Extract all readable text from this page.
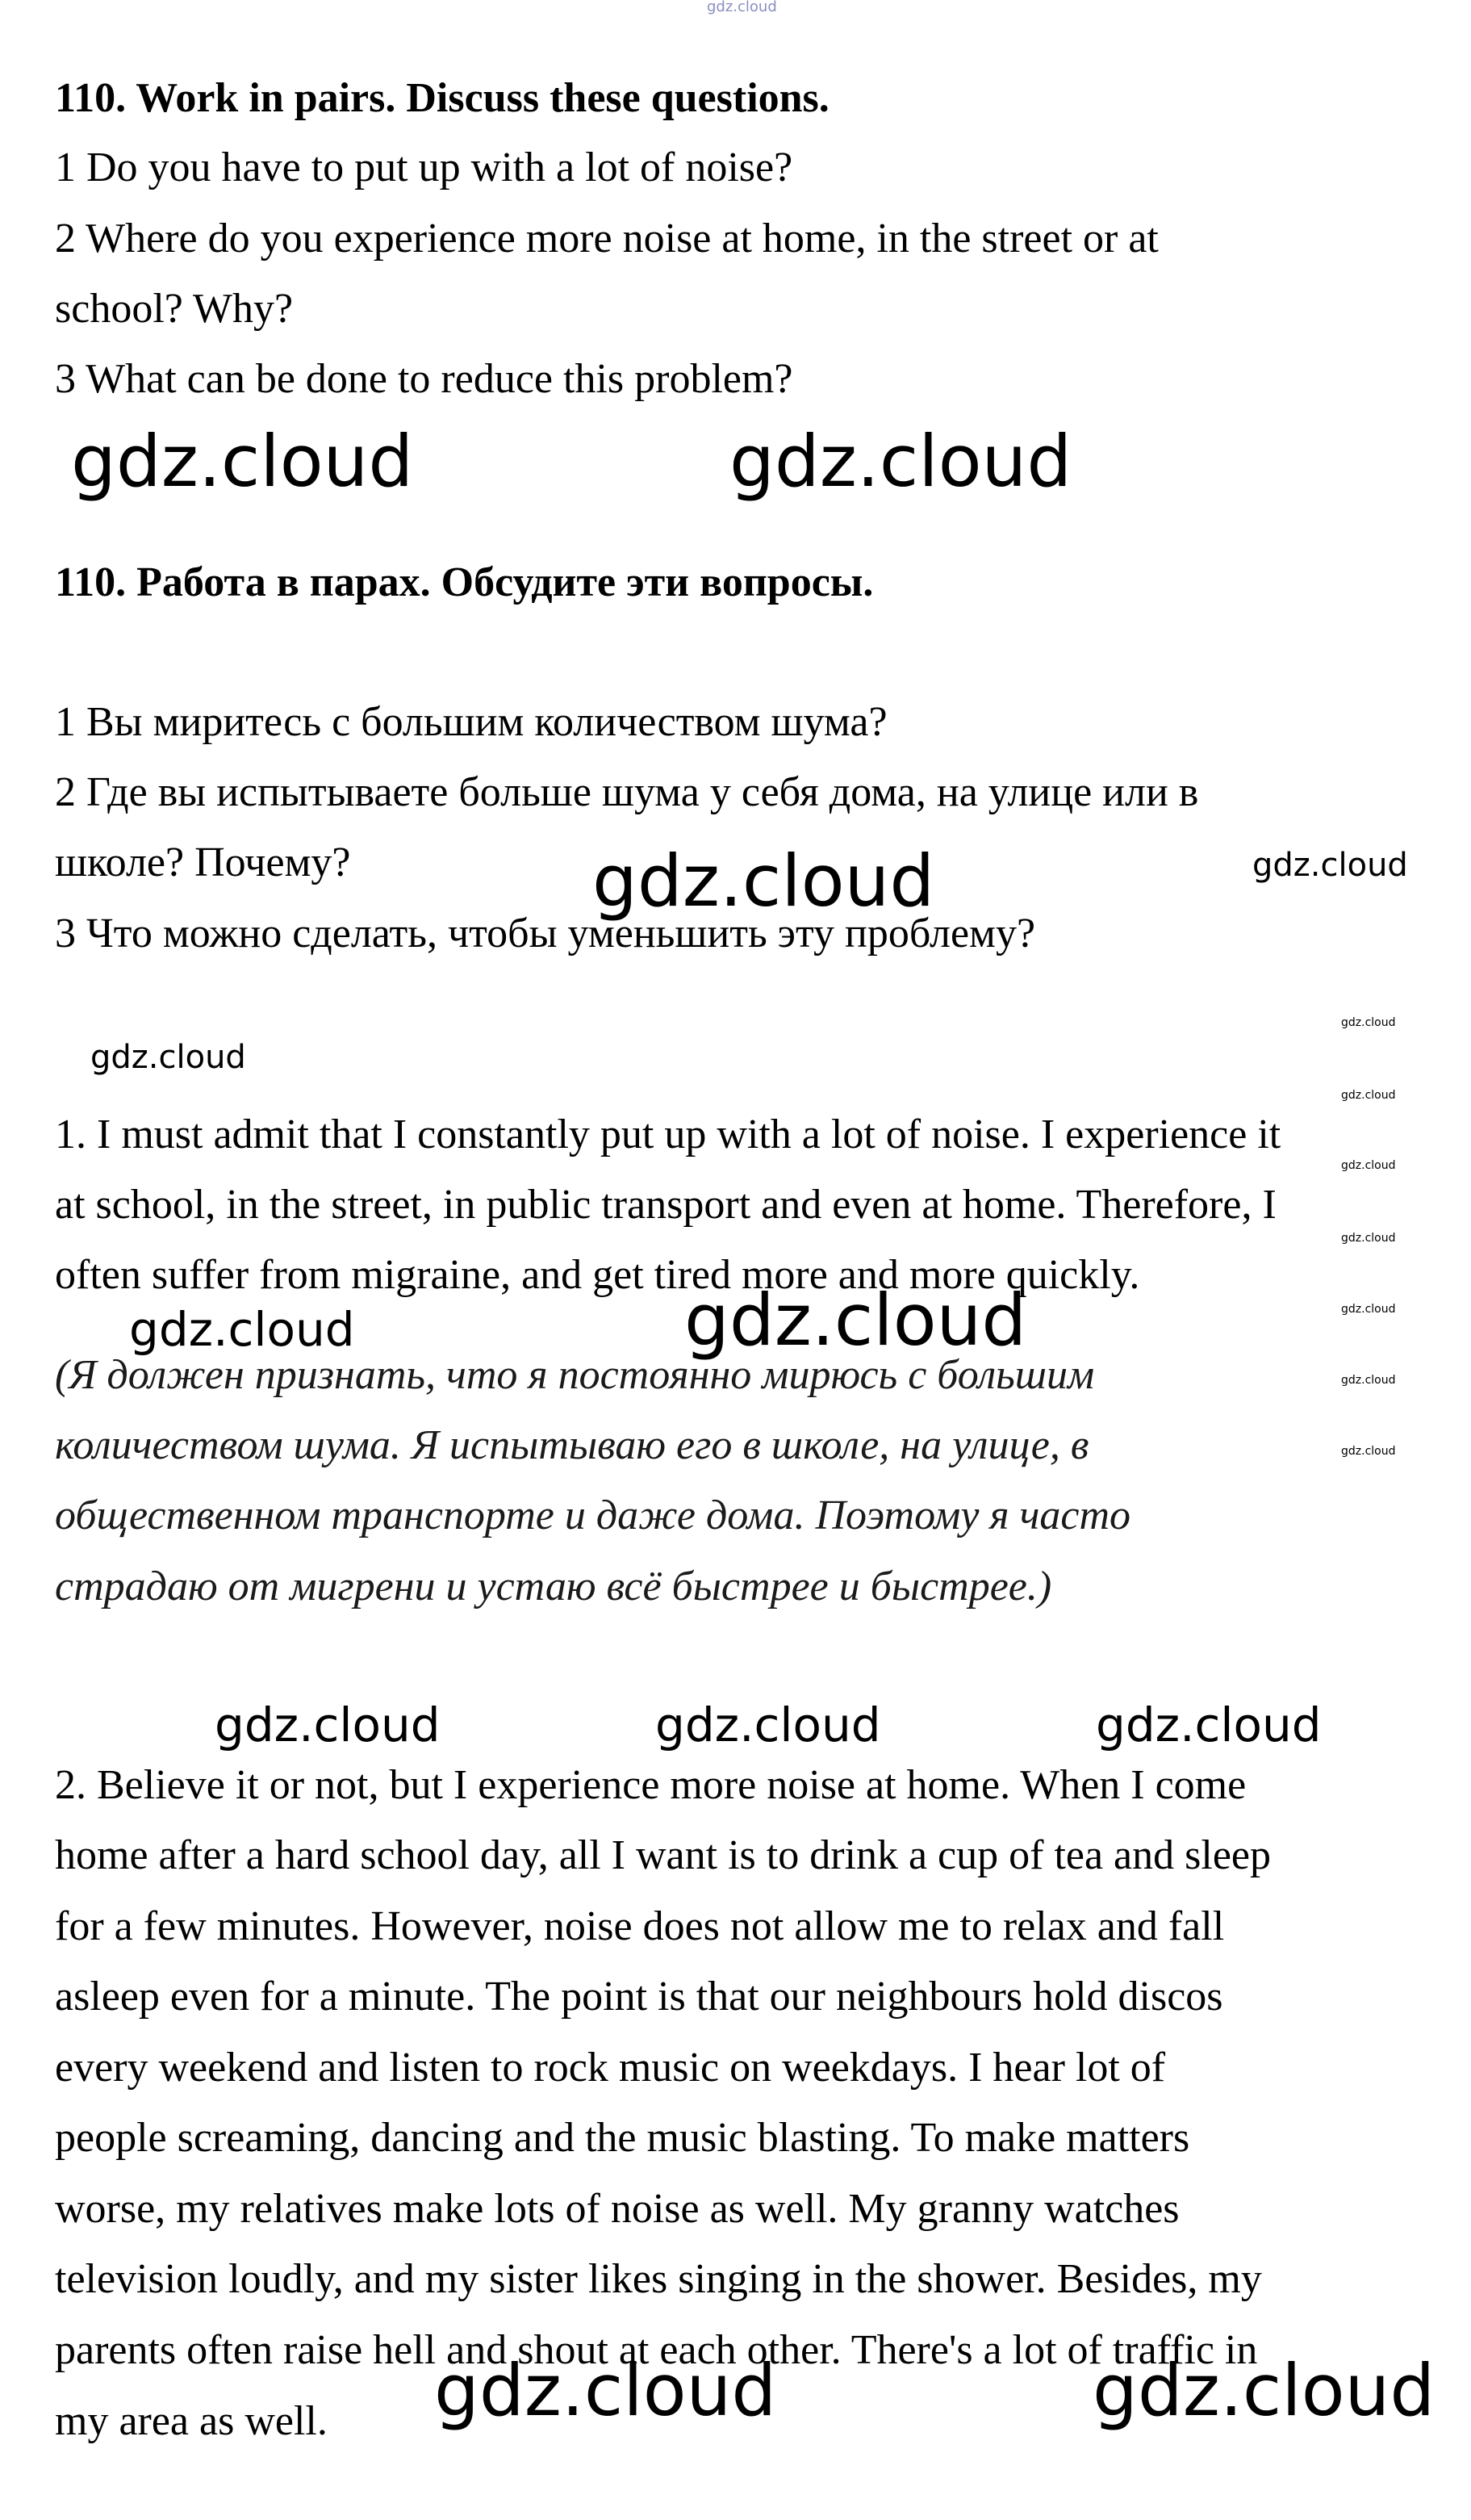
gdz.cloud

110. Work in pairs. Discuss these questions.

1 Do you have to put up with a lot of noise?

2 Where do you experience more noise at home, in the street or at

school? Why?

3 What can be done to reduce this problem?

gdz.cloud	gdz.cloud

110. Работа в парах. Обсудите эти вопросы.

1 Вы миритесь с большим количеством шума?

2 Где вы испытываете больше шума у себя дома, на улице или в

школе? Почему?

3 Что можно сделать, чтобы уменьшить эту проблему?

gdz.cloud	gdz.cloud
gdz.cloud
gdz.cloud
gdz.cloud
gdz.cloud
gdz.cloud
gdz.cloud
gdz.cloud
gdz.cloud

1. I must admit that I constantly put up with a lot of noise. I experience it

at school, in the street, in public transport and even at home. Therefore, I

often suffer from migraine, and get tired more and more quickly.

gdz.cloud	gdz.cloud

(Я должен признать, что я постоянно мирюсь с большим

количеством шума. Я испытываю его в школе, на улице, в

общественном транспорте и даже дома. Поэтому я часто

страдаю от мигрени и устаю всё быстрее и быстрее.)

gdz.cloud	gdz.cloud	gdz.cloud

2. Believe it or not, but I experience more noise at home. When I come

home after a hard school day, all I want is to drink a cup of tea and sleep

for a few minutes. However, noise does not allow me to relax and fall

asleep even for a minute. The point is that our neighbours hold discos

every weekend and listen to rock music on weekdays. I hear lot of

people screaming, dancing and the music blasting. To make matters

worse, my relatives make lots of noise as well. My granny watches

television loudly, and my sister likes singing in the shower. Besides, my

parents often raise hell and shout at each other. There's a lot of traffic in

my area as well. gdz.cloud	gdz.cloud
